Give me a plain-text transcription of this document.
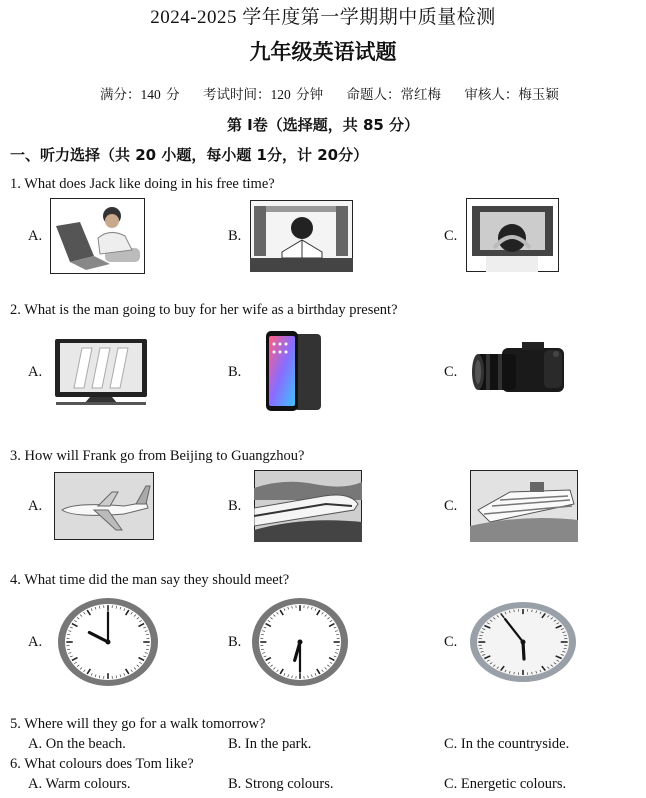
2024-2025 学年度第一学期期中质量检测
九年级英语试题
满分：140 分 考试时间：120 分钟 命题人：常红梅 审核人：梅玉颖
第 Ⅰ卷（选择题，共 85 分）
一、听力选择（共 20 小题，每小题 1分，计 20分）
1. What does Jack like doing in his free time?
A.	B.	C.
2. What is the man going to buy for her wife as a birthday present?
A.	B.	C.
3. How will Frank go from Beijing to Guangzhou?
A.	B.	C.
4. What time did the man say they should meet?
A.	B.	C.
5. Where will they go for a walk tomorrow?
A. On the beach.	B. In the park.	C. In the countryside.
6. What colours does Tom like?
A. Warm colours.	B. Strong colours.	C. Energetic colours.
